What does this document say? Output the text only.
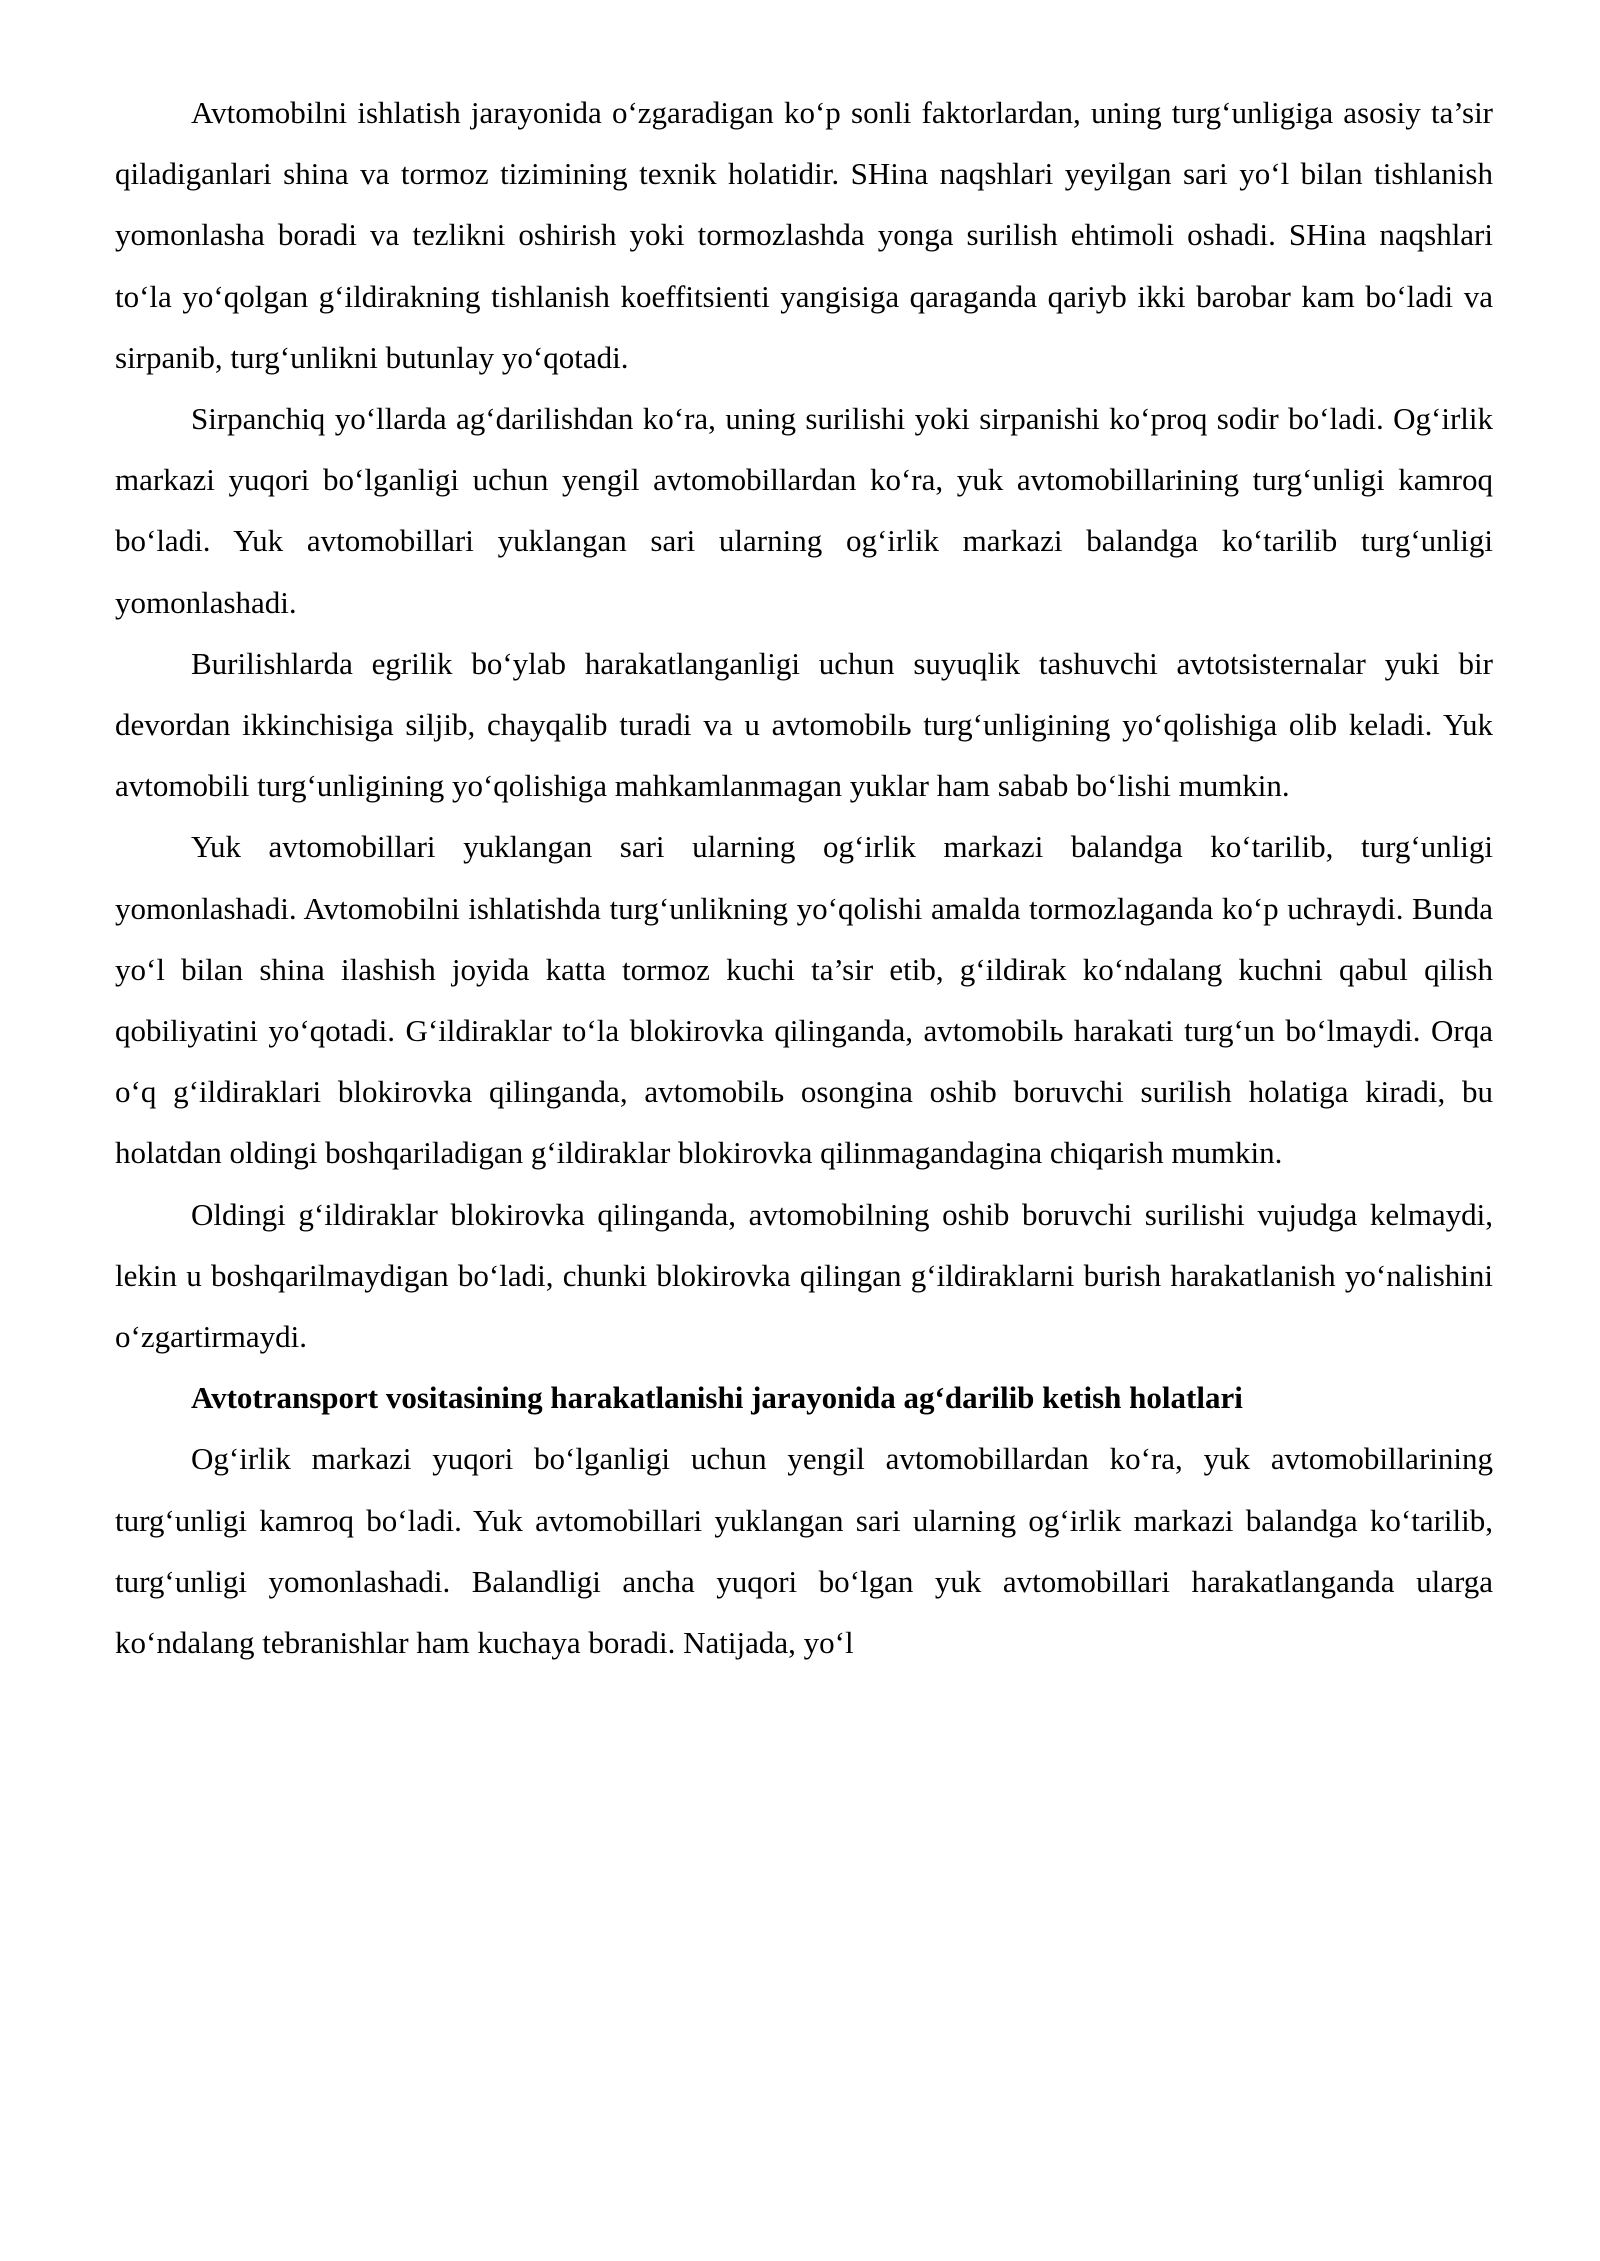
Avtomobilni ishlatish jarayonida o‘zgaradigan ko‘p sonli faktorlardan, uning turg‘unligiga asosiy ta’sir qiladiganlari shina va tormoz tizimining texnik holatidir. SHina naqshlari yeyilgan sari yo‘l bilan tishlanish yomonlasha boradi va tezlikni oshirish yoki tormozlashda yonga surilish ehtimoli oshadi. SHina naqshlari to‘la yo‘qolgan g‘ildirakning tishlanish koeffitsienti yangisiga qaraganda qariyb ikki barobar kam bo‘ladi va sirpanib, turg‘unlikni butunlay yo‘qotadi.

Sirpanchiq yo‘llarda ag‘darilishdan ko‘ra, uning surilishi yoki sirpanishi ko‘proq sodir bo‘ladi. Og‘irlik markazi yuqori bo‘lganligi uchun yengil avtomobillardan ko‘ra, yuk avtomobillarining turg‘unligi kamroq bo‘ladi. Yuk avtomobillari yuklangan sari ularning og‘irlik markazi balandga ko‘tarilib turg‘unligi yomonlashadi.

Burilishlarda egrilik bo‘ylab harakatlanganligi uchun suyuqlik tashuvchi avtotsisternalar yuki bir devordan ikkinchisiga siljib, chayqalib turadi va u avtomobilь turg‘unligining yo‘qolishiga olib keladi. Yuk avtomobili turg‘unligining yo‘qolishiga mahkamlanmagan yuklar ham sabab bo‘lishi mumkin.

Yuk avtomobillari yuklangan sari ularning og‘irlik markazi balandga ko‘tarilib, turg‘unligi yomonlashadi. Avtomobilni ishlatishda turg‘unlikning yo‘qolishi amalda tormozlaganda ko‘p uchraydi. Bunda yo‘l bilan shina ilashish joyida katta tormoz kuchi ta’sir etib, g‘ildirak ko‘ndalang kuchni qabul qilish qobiliyatini yo‘qotadi. G‘ildiraklar to‘la blokirovka qilinganda, avtomobilь harakati turg‘un bo‘lmaydi. Orqa o‘q g‘ildiraklari blokirovka qilinganda, avtomobilь osongina oshib boruvchi surilish holatiga kiradi, bu holatdan oldingi boshqariladigan g‘ildiraklar blokirovka qilinmagandagina chiqarish mumkin.

Oldingi g‘ildiraklar blokirovka qilinganda, avtomobilning oshib boruvchi surilishi vujudga kelmaydi, lekin u boshqarilmaydigan bo‘ladi, chunki blokirovka qilingan g‘ildiraklarni burish harakatlanish yo‘nalishini o‘zgartirmaydi.

Avtotransport vositasining harakatlanishi jarayonida ag‘darilib ketish holatlari

Og‘irlik markazi yuqori bo‘lganligi uchun yengil avtomobillardan ko‘ra, yuk avtomobillarining turg‘unligi kamroq bo‘ladi. Yuk avtomobillari yuklangan sari ularning og‘irlik markazi balandga ko‘tarilib, turg‘unligi yomonlashadi. Balandligi ancha yuqori bo‘lgan yuk avtomobillari harakatlanganda ularga ko‘ndalang tebranishlar ham kuchaya boradi. Natijada, yo‘l
